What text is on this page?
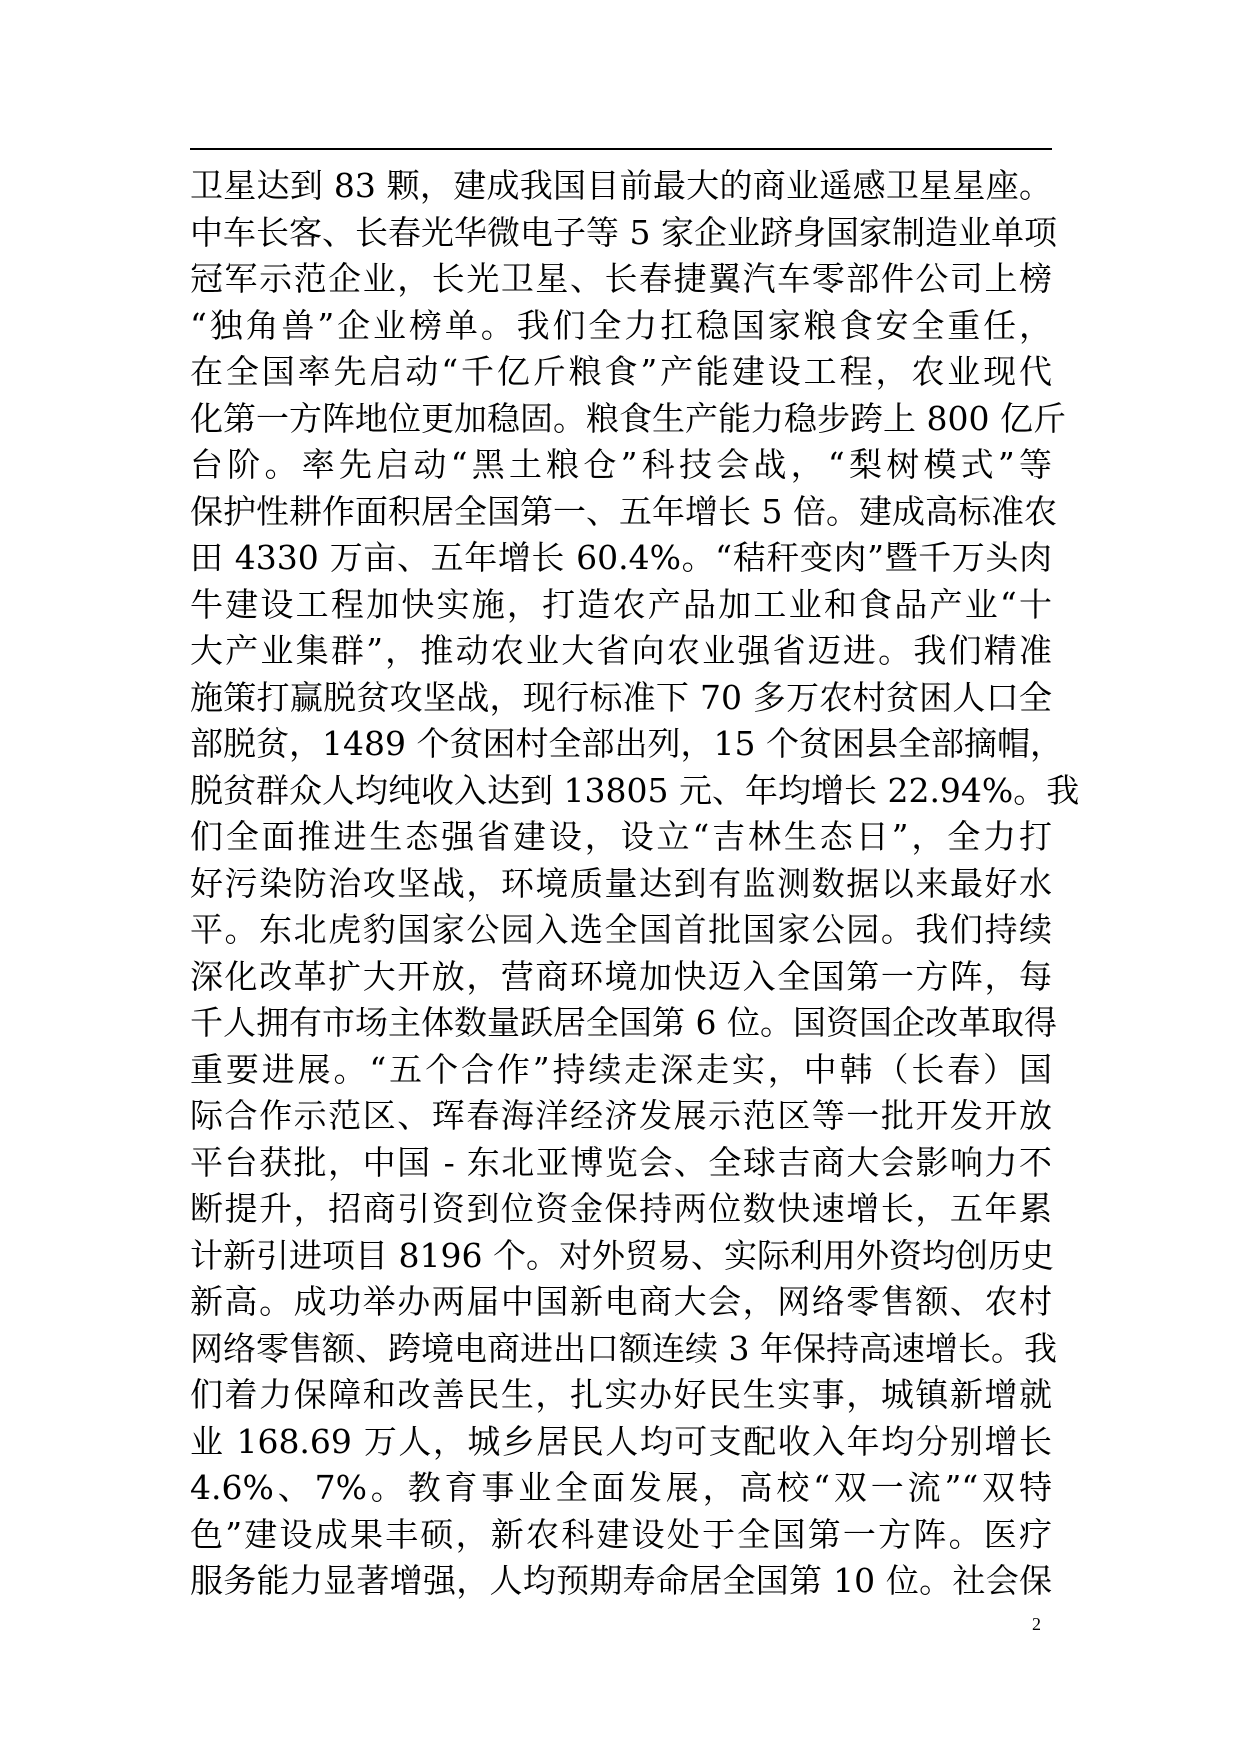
卫星达到 83 颗，建成我国目前最大的商业遥感卫星星座。
中车长客、长春光华微电子等 5 家企业跻身国家制造业单项
冠军示范企业，长光卫星、长春捷翼汽车零部件公司上榜
“独角兽”企业榜单。我们全力扛稳国家粮食安全重任，
在全国率先启动“千亿斤粮食”产能建设工程，农业现代
化第一方阵地位更加稳固。粮食生产能力稳步跨上 800 亿斤
台阶。率先启动“黑土粮仓”科技会战，“梨树模式”等
保护性耕作面积居全国第一、五年增长 5 倍。建成高标准农
田 4330 万亩、五年增长 60.4%。“秸秆变肉”暨千万头肉
牛建设工程加快实施，打造农产品加工业和食品产业“十
大产业集群”，推动农业大省向农业强省迈进。我们精准
施策打赢脱贫攻坚战，现行标准下 70 多万农村贫困人口全
部脱贫，1489 个贫困村全部出列，15 个贫困县全部摘帽，
脱贫群众人均纯收入达到 13805 元、年均增长 22.94%。我
们全面推进生态强省建设，设立“吉林生态日”，全力打
好污染防治攻坚战，环境质量达到有监测数据以来最好水
平。东北虎豹国家公园入选全国首批国家公园。我们持续
深化改革扩大开放，营商环境加快迈入全国第一方阵，每
千人拥有市场主体数量跃居全国第 6 位。国资国企改革取得
重要进展。“五个合作”持续走深走实，中韩（长春）国
际合作示范区、珲春海洋经济发展示范区等一批开发开放
平台获批，中国 - 东北亚博览会、全球吉商大会影响力不
断提升，招商引资到位资金保持两位数快速增长，五年累
计新引进项目 8196 个。对外贸易、实际利用外资均创历史
新高。成功举办两届中国新电商大会，网络零售额、农村
网络零售额、跨境电商进出口额连续 3 年保持高速增长。我
们着力保障和改善民生，扎实办好民生实事，城镇新增就
业 168.69 万人，城乡居民人均可支配收入年均分别增长
4.6%、7%。教育事业全面发展，高校“双一流”“双特
色”建设成果丰硕，新农科建设处于全国第一方阵。医疗
服务能力显著增强，人均预期寿命居全国第 10 位。社会保
2
